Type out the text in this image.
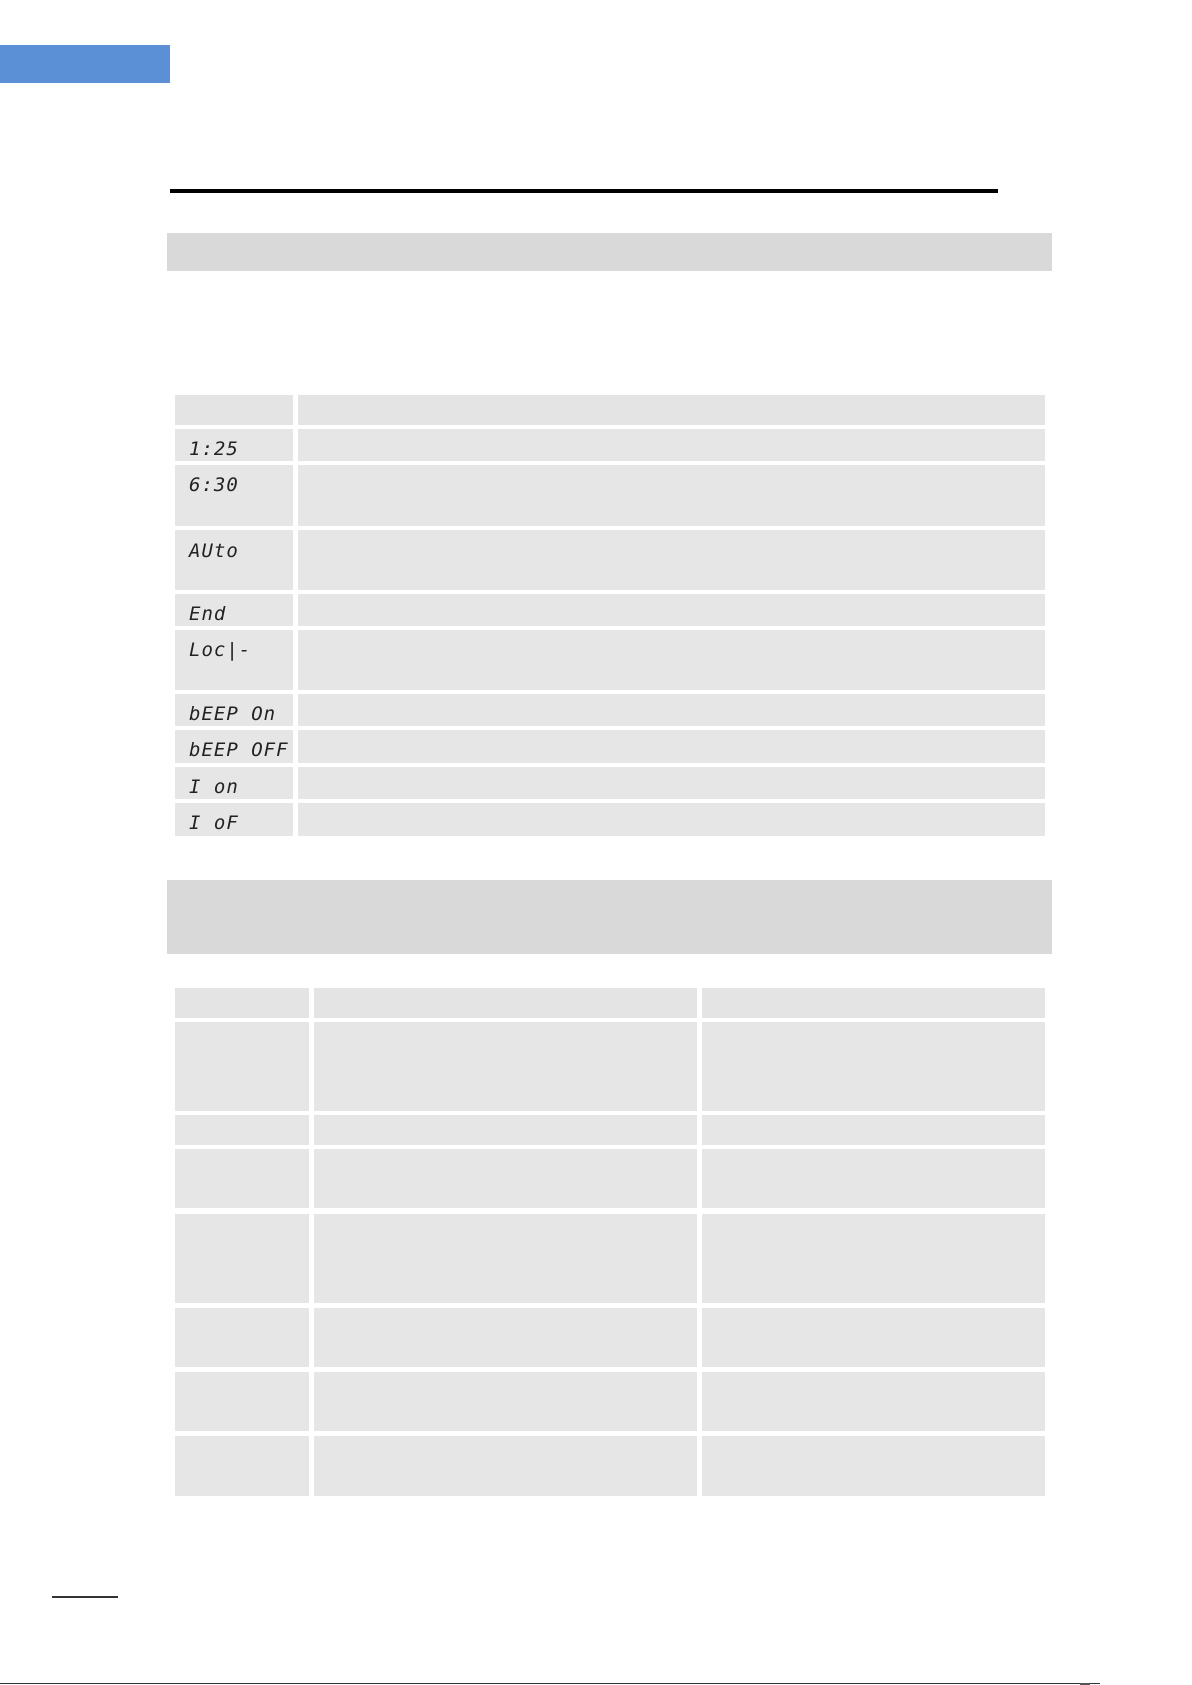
1:25
6:30
AUto
End
Loc|-
bEEP On
bEEP OFF
I on
I oF
